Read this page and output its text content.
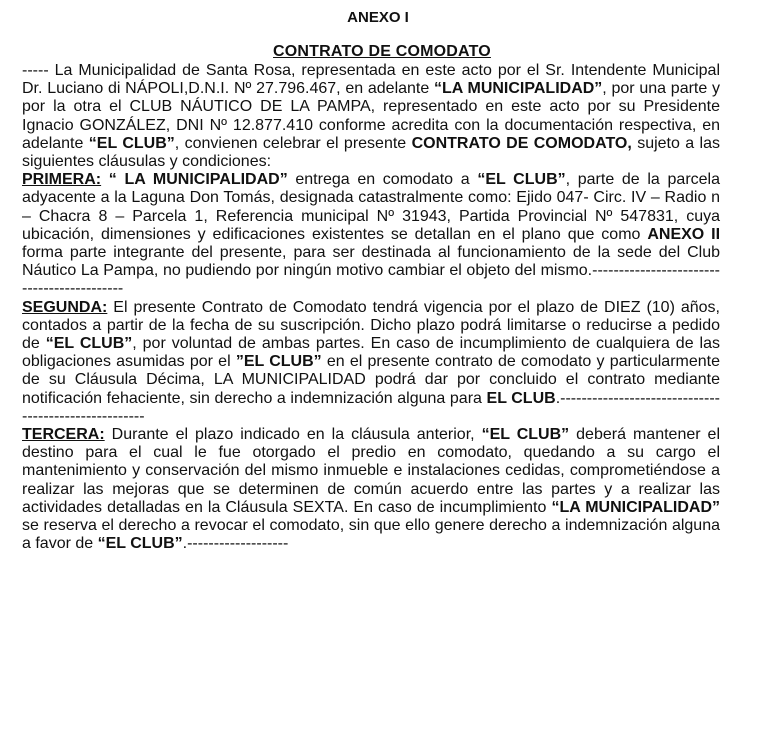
ANEXO I
CONTRATO DE COMODATO

----- La Municipalidad de Santa Rosa, representada en este acto por el Sr. Intendente Municipal Dr. Luciano di NÁPOLI,D.N.I. Nº 27.796.467, en adelante “LA MUNICIPALIDAD”, por una parte y por la otra el CLUB NÁUTICO DE LA PAMPA, representado en este acto por su Presidente Ignacio GONZÁLEZ, DNI Nº 12.877.410 conforme acredita con la documentación respectiva, en adelante “EL CLUB”, convienen celebrar el presente CONTRATO DE COMODATO, sujeto a las siguientes cláusulas y condiciones:

PRIMERA: “ LA MUNICIPALIDAD” entrega en comodato a “EL CLUB”, parte de la parcela adyacente a la Laguna Don Tomás, designada catastralmente como: Ejido 047- Circ. IV – Radio n – Chacra 8 – Parcela 1, Referencia municipal Nº 31943, Partida Provincial Nº 547831, cuya ubicación, dimensiones y edificaciones existentes se detallan en el plano que como ANEXO II forma parte integrante del presente, para ser destinada al funcionamiento de la sede del Club Náutico La Pampa, no pudiendo por ningún motivo cambiar el objeto del mismo.-------------------------------------------

SEGUNDA: El presente Contrato de Comodato tendrá vigencia por el plazo de DIEZ (10) años, contados a partir de la fecha de su suscripción. Dicho plazo podrá limitarse o reducirse a pedido de “EL CLUB”, por voluntad de ambas partes. En caso de incumplimiento de cualquiera de las obligaciones asumidas por el ”EL CLUB” en el presente contrato de comodato y particularmente de su Cláusula Décima, LA MUNICIPALIDAD podrá dar por concluido el contrato mediante notificación fehaciente, sin derecho a indemnización alguna para EL CLUB.-----------------------------------------------------

TERCERA: Durante el plazo indicado en la cláusula anterior, “EL CLUB” deberá mantener el destino para el cual le fue otorgado el predio en comodato, quedando a su cargo el mantenimiento y conservación del mismo inmueble e instalaciones cedidas, comprometiéndose a realizar las mejoras que se determinen de común acuerdo entre las partes y a realizar las actividades detalladas en la Cláusula SEXTA. En caso de incumplimiento “LA MUNICIPALIDAD” se reserva el derecho a revocar el comodato, sin que ello genere derecho a indemnización alguna a favor de “EL CLUB”.-------------------
